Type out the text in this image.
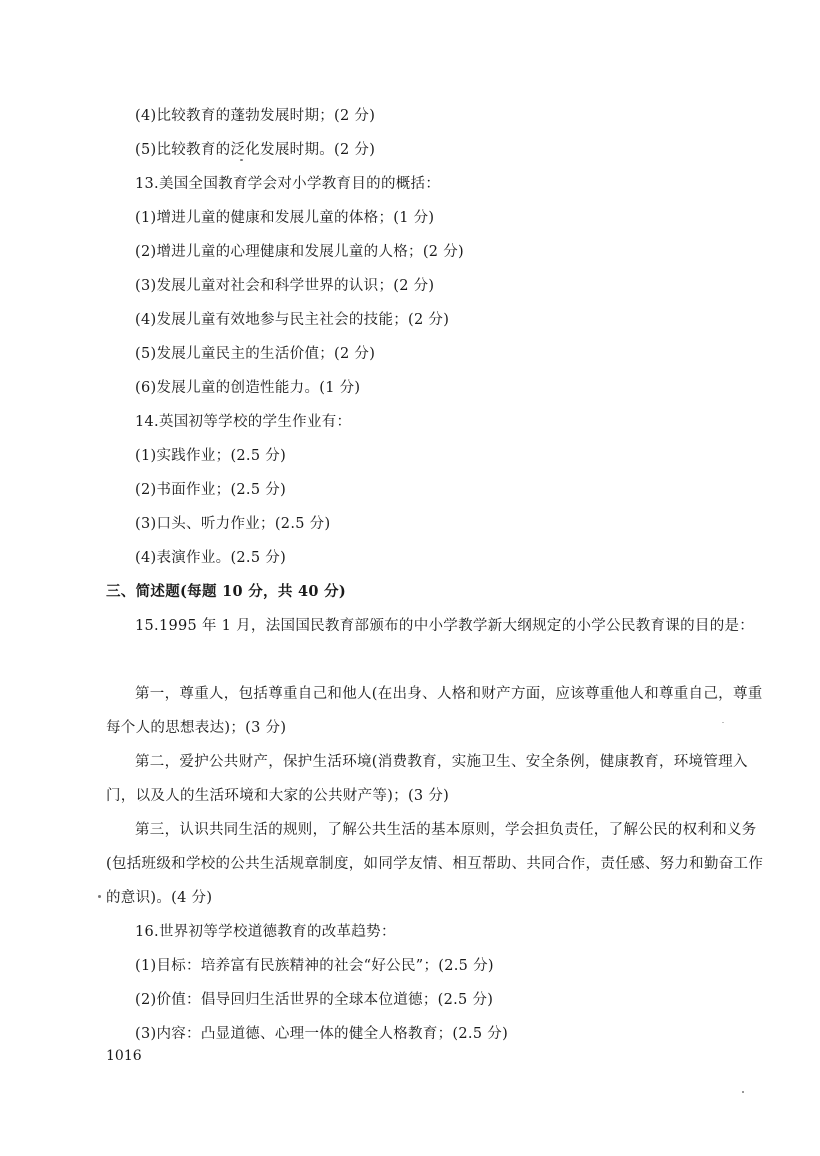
(4)比较教育的蓬勃发展时期；(2 分)
(5)比较教育的泛化发展时期。(2 分)
13.美国全国教育学会对小学教育目的的概括：
(1)增进儿童的健康和发展儿童的体格；(1 分)
(2)增进儿童的心理健康和发展儿童的人格；(2 分)
(3)发展儿童对社会和科学世界的认识；(2 分)
(4)发展儿童有效地参与民主社会的技能；(2 分)
(5)发展儿童民主的生活价值；(2 分)
(6)发展儿童的创造性能力。(1 分)
14.英国初等学校的学生作业有：
(1)实践作业；(2.5 分)
(2)书面作业；(2.5 分)
(3)口头、听力作业；(2.5 分)
(4)表演作业。(2.5 分)
三、简述题(每题 10 分，共 40 分)
15.1995 年 1 月，法国国民教育部颁布的中小学教学新大纲规定的小学公民教育课的目的是：
第一，尊重人，包括尊重自己和他人(在出身、人格和财产方面，应该尊重他人和尊重自己，尊重每个人的思想表达)；(3 分)
第二，爱护公共财产，保护生活环境(消费教育，实施卫生、安全条例，健康教育，环境管理入门，以及人的生活环境和大家的公共财产等)；(3 分)
第三，认识共同生活的规则，了解公共生活的基本原则，学会担负责任，了解公民的权利和义务(包括班级和学校的公共生活规章制度，如同学友情、相互帮助、共同合作，责任感、努力和勤奋工作的意识)。(4 分)
16.世界初等学校道德教育的改革趋势：
(1)目标：培养富有民族精神的社会“好公民”；(2.5 分)
(2)价值：倡导回归生活世界的全球本位道德；(2.5 分)
(3)内容：凸显道德、心理一体的健全人格教育；(2.5 分)
1016
